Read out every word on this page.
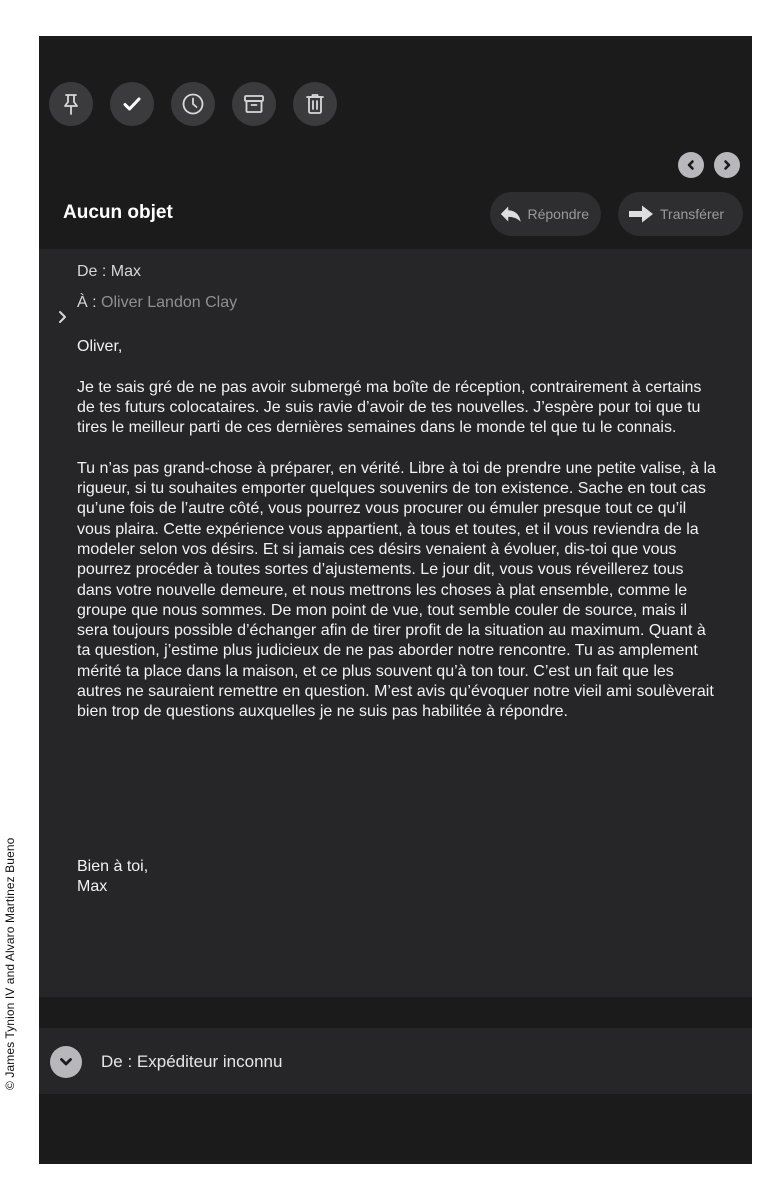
© James Tynion IV and Alvaro Martinez Bueno
Aucun objet	Répondre	Transférer
De : Max
À : Oliver Landon Clay

Oliver,

Je te sais gré de ne pas avoir submergé ma boîte de réception, contrairement à certains de tes futurs colocataires. Je suis ravie d’avoir de tes nouvelles. J’espère pour toi que tu tires le meilleur parti de ces dernières semaines dans le monde tel que tu le connais.

Tu n’as pas grand-chose à préparer, en vérité. Libre à toi de prendre une petite valise, à la rigueur, si tu souhaites emporter quelques souvenirs de ton existence. Sache en tout cas qu’une fois de l’autre côté, vous pourrez vous procurer ou émuler presque tout ce qu’il vous plaira. Cette expérience vous appartient, à tous et toutes, et il vous reviendra de la modeler selon vos désirs. Et si jamais ces désirs venaient à évoluer, dis-toi que vous pourrez procéder à toutes sortes d’ajustements. Le jour dit, vous vous réveillerez tous dans votre nouvelle demeure, et nous mettrons les choses à plat ensemble, comme le groupe que nous sommes. De mon point de vue, tout semble couler de source, mais il sera toujours possible d’échanger afin de tirer profit de la situation au maximum. Quant à ta question, j’estime plus judicieux de ne pas aborder notre rencontre. Tu as amplement mérité ta place dans la maison, et ce plus souvent qu’à ton tour. C’est un fait que les autres ne sauraient remettre en question. M’est avis qu’évoquer notre vieil ami soulèverait bien trop de questions auxquelles je ne suis pas habilitée à répondre.

Bien à toi,
Max
De : Expéditeur inconnu
